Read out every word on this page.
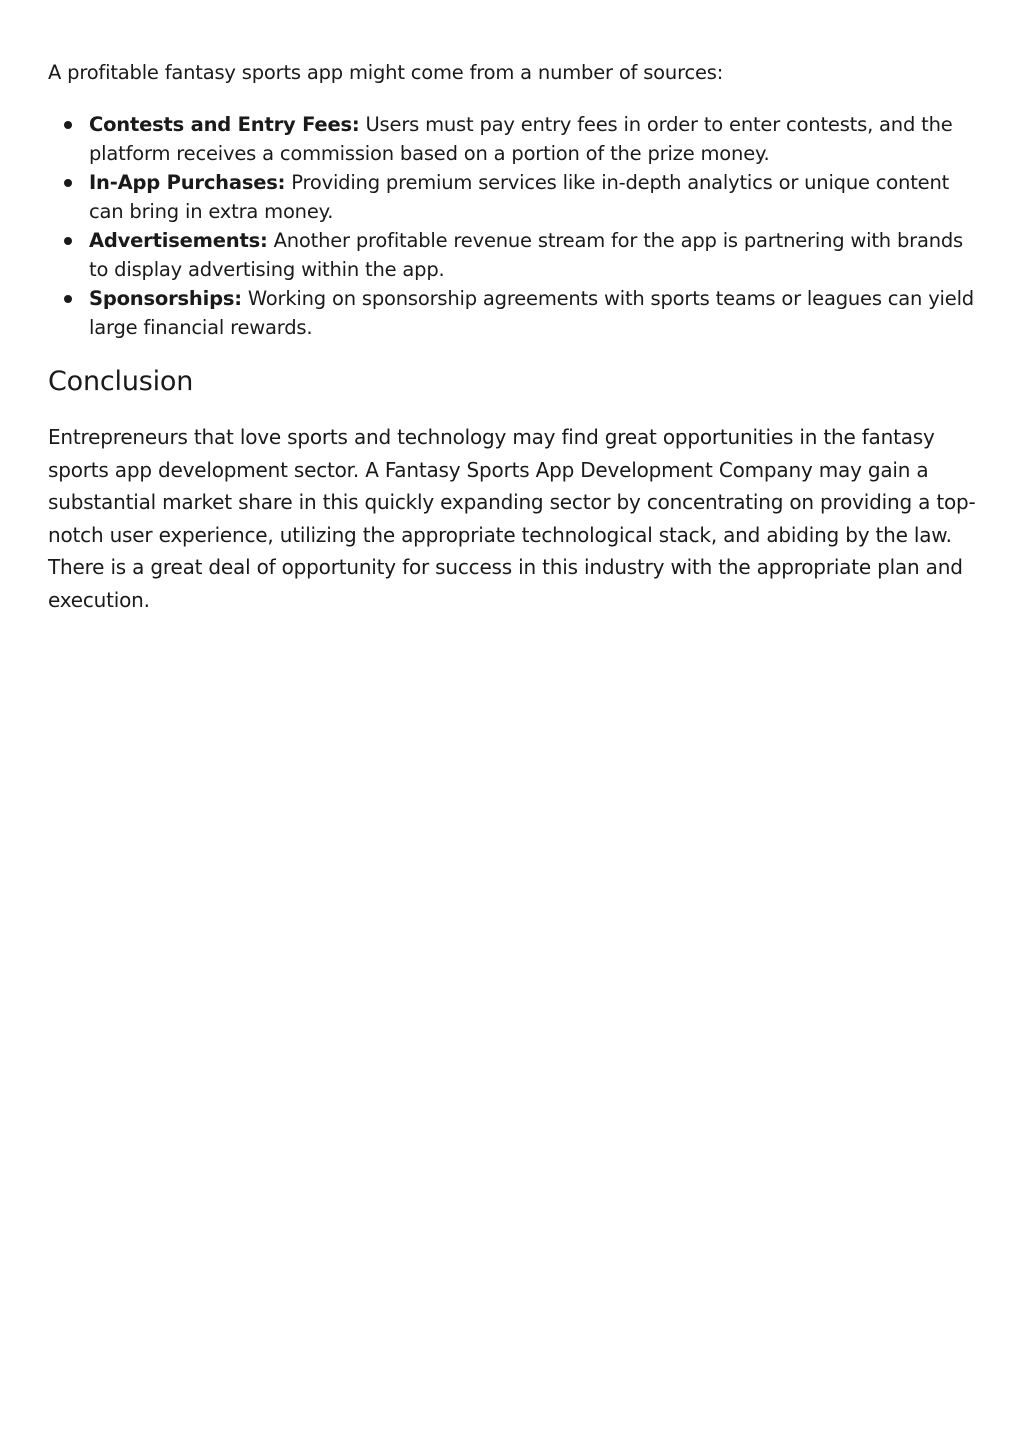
A profitable fantasy sports app might come from a number of sources:

Contests and Entry Fees: Users must pay entry fees in order to enter contests, and the platform receives a commission based on a portion of the prize money.
In-App Purchases: Providing premium services like in-depth analytics or unique content can bring in extra money.
Advertisements: Another profitable revenue stream for the app is partnering with brands to display advertising within the app.
Sponsorships: Working on sponsorship agreements with sports teams or leagues can yield large financial rewards.
Conclusion

Entrepreneurs that love sports and technology may find great opportunities in the fantasy sports app development sector. A Fantasy Sports App Development Company may gain a substantial market share in this quickly expanding sector by concentrating on providing a top-notch user experience, utilizing the appropriate technological stack, and abiding by the law. There is a great deal of opportunity for success in this industry with the appropriate plan and execution.
